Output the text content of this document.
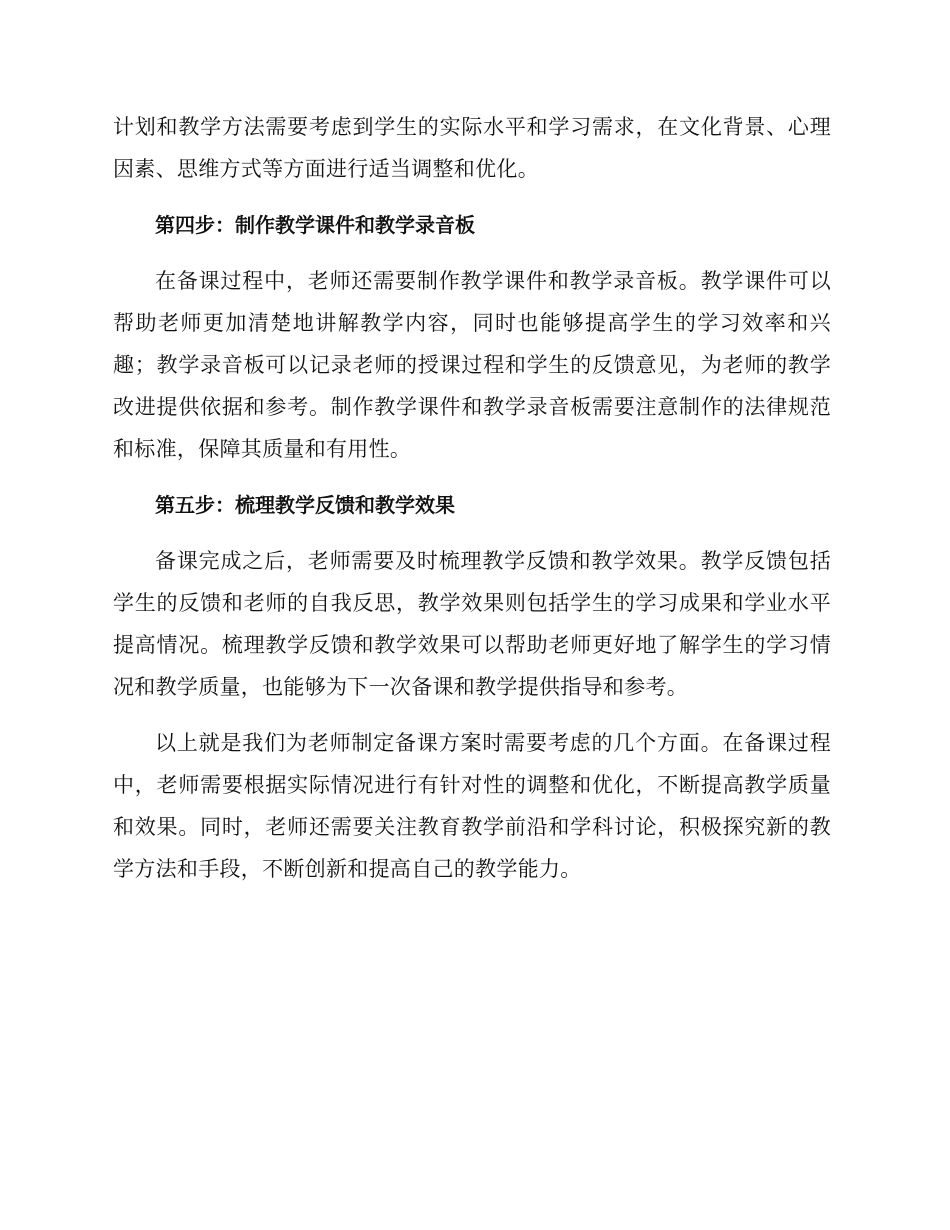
计划和教学方法需要考虑到学生的实际水平和学习需求，在文化背景、心理因素、思维方式等方面进行适当调整和优化。

第四步：制作教学课件和教学录音板

在备课过程中，老师还需要制作教学课件和教学录音板。教学课件可以帮助老师更加清楚地讲解教学内容，同时也能够提高学生的学习效率和兴趣；教学录音板可以记录老师的授课过程和学生的反馈意见，为老师的教学改进提供依据和参考。制作教学课件和教学录音板需要注意制作的法律规范和标准，保障其质量和有用性。

第五步：梳理教学反馈和教学效果

备课完成之后，老师需要及时梳理教学反馈和教学效果。教学反馈包括学生的反馈和老师的自我反思，教学效果则包括学生的学习成果和学业水平提高情况。梳理教学反馈和教学效果可以帮助老师更好地了解学生的学习情况和教学质量，也能够为下一次备课和教学提供指导和参考。

以上就是我们为老师制定备课方案时需要考虑的几个方面。在备课过程中，老师需要根据实际情况进行有针对性的调整和优化，不断提高教学质量和效果。同时，老师还需要关注教育教学前沿和学科讨论，积极探究新的教学方法和手段，不断创新和提高自己的教学能力。
